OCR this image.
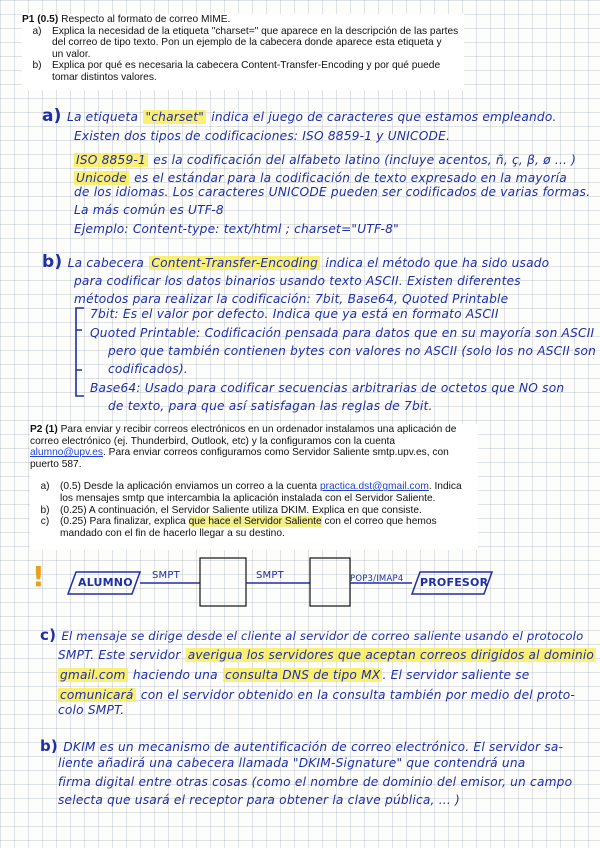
P1 (0.5) Respecto al formato de correo MIME.
a)	Explica la necesidad de la etiqueta "charset=" que aparece en la descripción de las partes
del correo de tipo texto. Pon un ejemplo de la cabecera donde aparece esta etiqueta y
un valor.
b)	Explica por qué es necesaria la cabecera Content-Transfer-Encoding y por qué puede
tomar distintos valores.
a) La etiqueta "charset" indica el juego de caracteres que estamos empleando.
Existen dos tipos de codificaciones: ISO 8859-1 y UNICODE.
ISO 8859-1 es la codificación del alfabeto latino (incluye acentos, ñ, ç, β, ø ... )
Unicode es el estándar para la codificación de texto expresado en la mayoría
de los idiomas. Los caracteres UNICODE pueden ser codificados de varias formas.
La más común es UTF-8
Ejemplo: Content-type: text/html ; charset="UTF-8"
b) La cabecera Content-Transfer-Encoding indica el método que ha sido usado
para codificar los datos binarios usando texto ASCII. Existen diferentes
métodos para realizar la codificación: 7bit, Base64, Quoted Printable
7bit: Es el valor por defecto. Indica que ya está en formato ASCII
Quoted Printable: Codificación pensada para datos que en su mayoría son ASCII
pero que también contienen bytes con valores no ASCII (solo los no ASCII son
codificados).
Base64: Usado para codificar secuencias arbitrarias de octetos que NO son
de texto, para que así satisfagan las reglas de 7bit.
P2 (1) Para enviar y recibir correos electrónicos en un ordenador instalamos una aplicación de
correo electrónico (ej. Thunderbird, Outlook, etc) y la configuramos con la cuenta
alumno@upv.es. Para enviar correos configuramos como Servidor Saliente smtp.upv.es, con
puerto 587.
a)	(0.5) Desde la aplicación enviamos un correo a la cuenta practica.dst@gmail.com. Indica
los mensajes smtp que intercambia la aplicación instalada con el Servidor Saliente.
b)	(0.25) A continuación, el Servidor Saliente utiliza DKIM. Explica en que consiste.
c)	(0.25) Para finalizar, explica que hace el Servidor Saliente con el correo que hemos
mandado con el fin de hacerlo llegar a su destino.
!	ALUMNO
SMPT	SMPT	POP3/IMAP4 PROFESOR
c) El mensaje se dirige desde el cliente al servidor de correo saliente usando el protocolo
SMPT. Este servidor averigua los servidores que aceptan correos dirigidos al dominio
gmail.com haciendo una consulta DNS de tipo MX . El servidor saliente se
comunicará con el servidor obtenido en la consulta también por medio del proto-
colo SMPT.
b) DKIM es un mecanismo de autentificación de correo electrónico. El servidor sa-
liente añadirá una cabecera llamada "DKIM-Signature" que contendrá una
firma digital entre otras cosas (como el nombre de dominio del emisor, un campo
selecta que usará el receptor para obtener la clave pública, ... )
